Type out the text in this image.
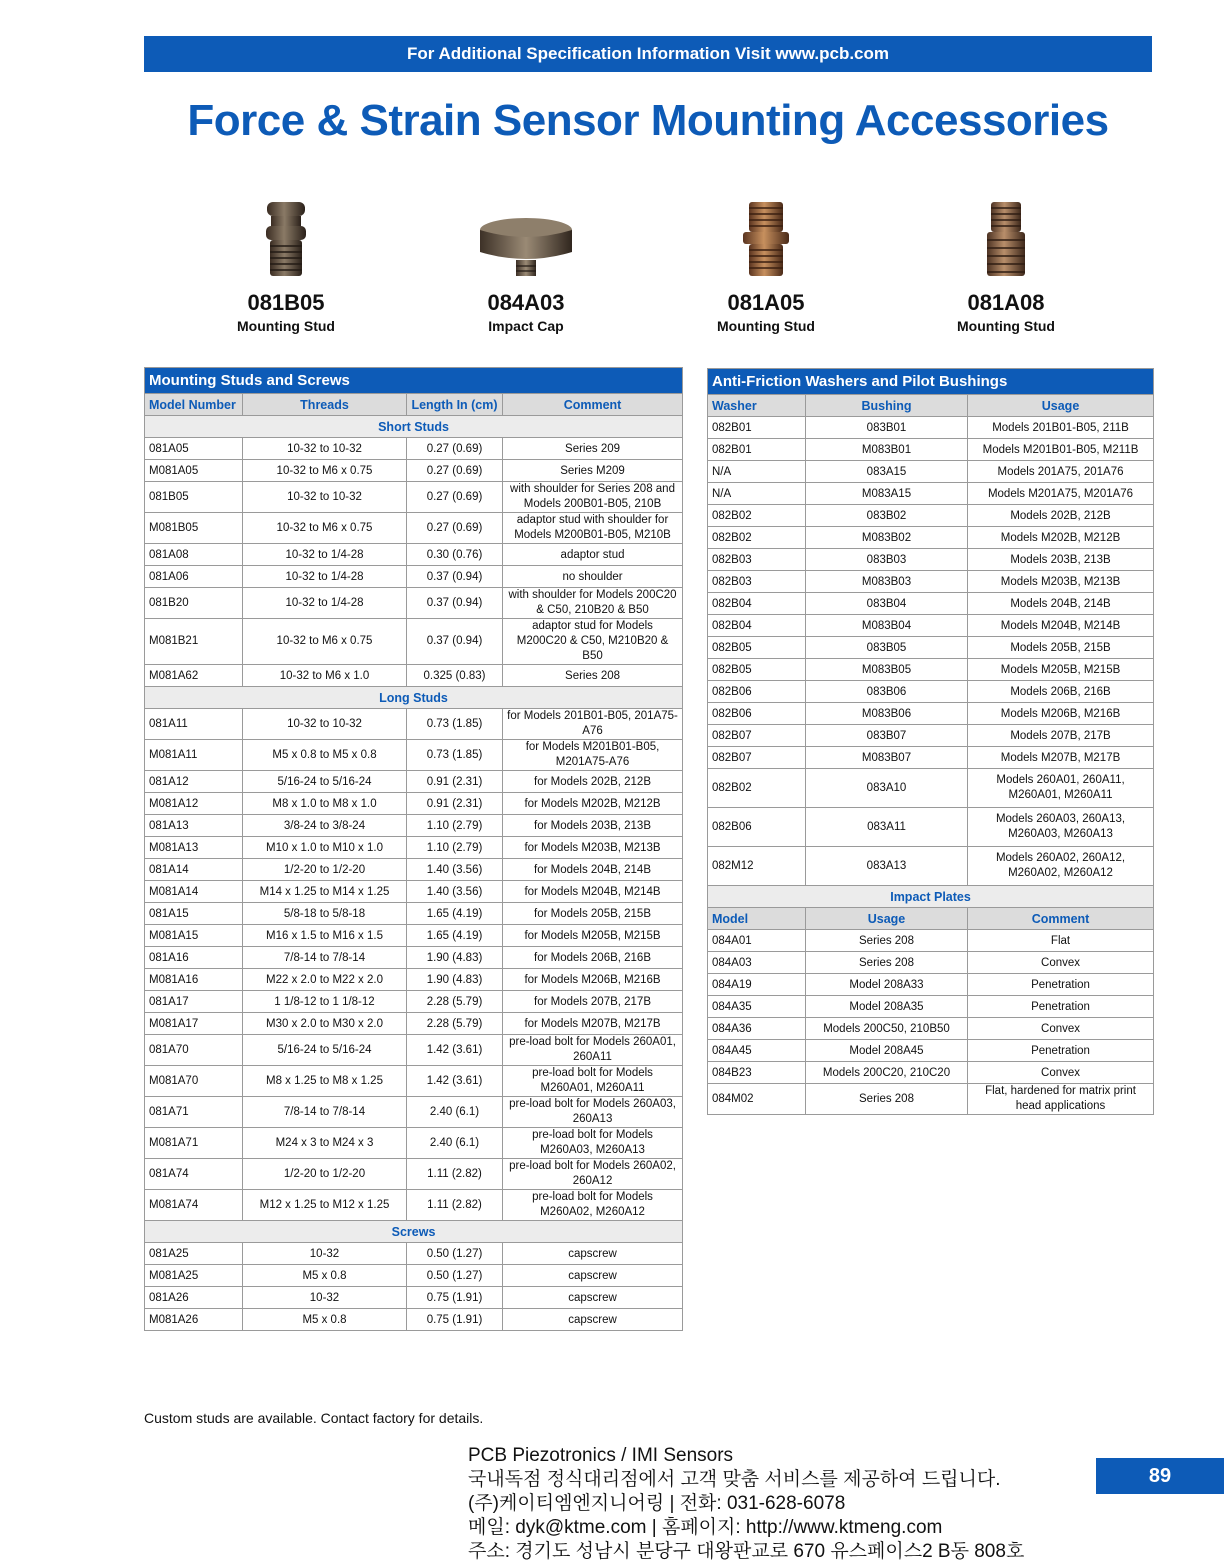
For Additional Specification Information Visit www.pcb.com
Force & Strain Sensor Mounting Accessories
081B05
Mounting Stud
084A03
Impact Cap
081A05
Mounting Stud
081A08
Mounting Stud
Mounting Studs and Screws			
Model Number	Threads	Length In (cm)	Comment
Short Studs			
081A05	10-32 to 10-32	0.27 (0.69)	Series 209
M081A05	10-32 to M6 x 0.75	0.27 (0.69)	Series M209
081B05	10-32 to 10-32	0.27 (0.69)	with shoulder for Series 208 and Models 200B01-B05, 210B
M081B05	10-32 to M6 x 0.75	0.27 (0.69)	adaptor stud with shoulder for Models M200B01-B05, M210B
081A08	10-32 to 1/4-28	0.30 (0.76)	adaptor stud
081A06	10-32 to 1/4-28	0.37 (0.94)	no shoulder
081B20	10-32 to 1/4-28	0.37 (0.94)	with shoulder for Models 200C20 & C50, 210B20 & B50
M081B21	10-32 to M6 x 0.75	0.37 (0.94)	adaptor stud for Models M200C20 & C50, M210B20 & B50
M081A62	10-32 to M6 x 1.0	0.325 (0.83)	Series 208
Long Studs			
081A11	10-32 to 10-32	0.73 (1.85)	for Models 201B01-B05, 201A75-A76
M081A11	M5 x 0.8 to M5 x 0.8	0.73 (1.85)	for Models M201B01-B05, M201A75-A76
081A12	5/16-24 to 5/16-24	0.91 (2.31)	for Models 202B, 212B
M081A12	M8 x 1.0 to M8 x 1.0	0.91 (2.31)	for Models M202B, M212B
081A13	3/8-24 to 3/8-24	1.10 (2.79)	for Models 203B, 213B
M081A13	M10 x 1.0 to M10 x 1.0	1.10 (2.79)	for Models M203B, M213B
081A14	1/2-20 to 1/2-20	1.40 (3.56)	for Models 204B, 214B
M081A14	M14 x 1.25 to M14 x 1.25	1.40 (3.56)	for Models M204B, M214B
081A15	5/8-18 to 5/8-18	1.65 (4.19)	for Models 205B, 215B
M081A15	M16 x 1.5 to M16 x 1.5	1.65 (4.19)	for Models M205B, M215B
081A16	7/8-14 to 7/8-14	1.90 (4.83)	for Models 206B, 216B
M081A16	M22 x 2.0 to M22 x 2.0	1.90 (4.83)	for Models M206B, M216B
081A17	1 1/8-12 to 1 1/8-12	2.28 (5.79)	for Models 207B, 217B
M081A17	M30 x 2.0 to M30 x 2.0	2.28 (5.79)	for Models M207B, M217B
081A70	5/16-24 to 5/16-24	1.42 (3.61)	pre-load bolt for Models 260A01, 260A11
M081A70	M8 x 1.25 to M8 x 1.25	1.42 (3.61)	pre-load bolt for Models M260A01, M260A11
081A71	7/8-14 to 7/8-14	2.40 (6.1)	pre-load bolt for Models 260A03, 260A13
M081A71	M24 x 3 to M24 x 3	2.40 (6.1)	pre-load bolt for Models M260A03, M260A13
081A74	1/2-20 to 1/2-20	1.11 (2.82)	pre-load bolt for Models 260A02, 260A12
M081A74	M12 x 1.25 to M12 x 1.25	1.11 (2.82)	pre-load bolt for Models M260A02, M260A12
Screws			
081A25	10-32	0.50 (1.27)	capscrew
M081A25	M5 x 0.8	0.50 (1.27)	capscrew
081A26	10-32	0.75 (1.91)	capscrew
M081A26	M5 x 0.8	0.75 (1.91)	capscrew
Anti-Friction Washers and Pilot Bushings		
Washer	Bushing	Usage
082B01	083B01	Models 201B01-B05, 211B
082B01	M083B01	Models M201B01-B05, M211B
N/A	083A15	Models 201A75, 201A76
N/A	M083A15	Models M201A75, M201A76
082B02	083B02	Models 202B, 212B
082B02	M083B02	Models M202B, M212B
082B03	083B03	Models 203B, 213B
082B03	M083B03	Models M203B, M213B
082B04	083B04	Models 204B, 214B
082B04	M083B04	Models M204B, M214B
082B05	083B05	Models 205B, 215B
082B05	M083B05	Models M205B, M215B
082B06	083B06	Models 206B, 216B
082B06	M083B06	Models M206B, M216B
082B07	083B07	Models 207B, 217B
082B07	M083B07	Models M207B, M217B
082B02	083A10	Models 260A01, 260A11, M260A01, M260A11
082B06	083A11	Models 260A03, 260A13, M260A03, M260A13
082M12	083A13	Models 260A02, 260A12, M260A02, M260A12
Impact Plates		
Model	Usage	Comment
084A01	Series 208	Flat
084A03	Series 208	Convex
084A19	Model 208A33	Penetration
084A35	Model 208A35	Penetration
084A36	Models 200C50, 210B50	Convex
084A45	Model 208A45	Penetration
084B23	Models 200C20, 210C20	Convex
084M02	Series 208	Flat, hardened for matrix print head applications
Custom studs are available. Contact factory for details.
PCB Piezotronics / IMI Sensors
국내독점 정식대리점에서 고객 맞춤 서비스를 제공하여 드립니다.
(주)케이티엠엔지니어링 | 전화: 031-628-6078
메일: dyk@ktme.com | 홈페이지: http://www.ktmeng.com
주소: 경기도 성남시 분당구 대왕판교로 670 유스페이스2 B동 808호
89
